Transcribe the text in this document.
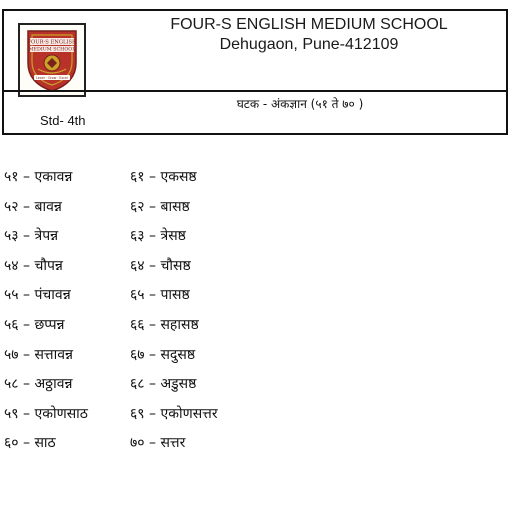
FOUR-S ENGLISH
MEDIUM SCHOOL
Learn · Grow · Excel
FOUR-S ENGLISH MEDIUM SCHOOL
Dehugaon, Pune-412109
घटक - अंकज्ञान (५१ ते ७० )
Std- 4th
५१ – एकावन्न	६१ – एकसष्ठ
५२ – बावन्न	६२ – बासष्ठ
५३ – त्रेपन्न	६३ – त्रेसष्ठ
५४ – चौपन्न	६४ – चौसष्ठ
५५ – पंचावन्न	६५ – पासष्ठ
५६ – छप्पन्न	६६ – सहासष्ठ
५७ – सत्तावन्न	६७ – सदुसष्ठ
५८ – अठ्ठावन्न	६८ – अडुसष्ठ
५९ – एकोणसाठ	६९ – एकोणसत्तर
६० – साठ	७० – सत्तर
